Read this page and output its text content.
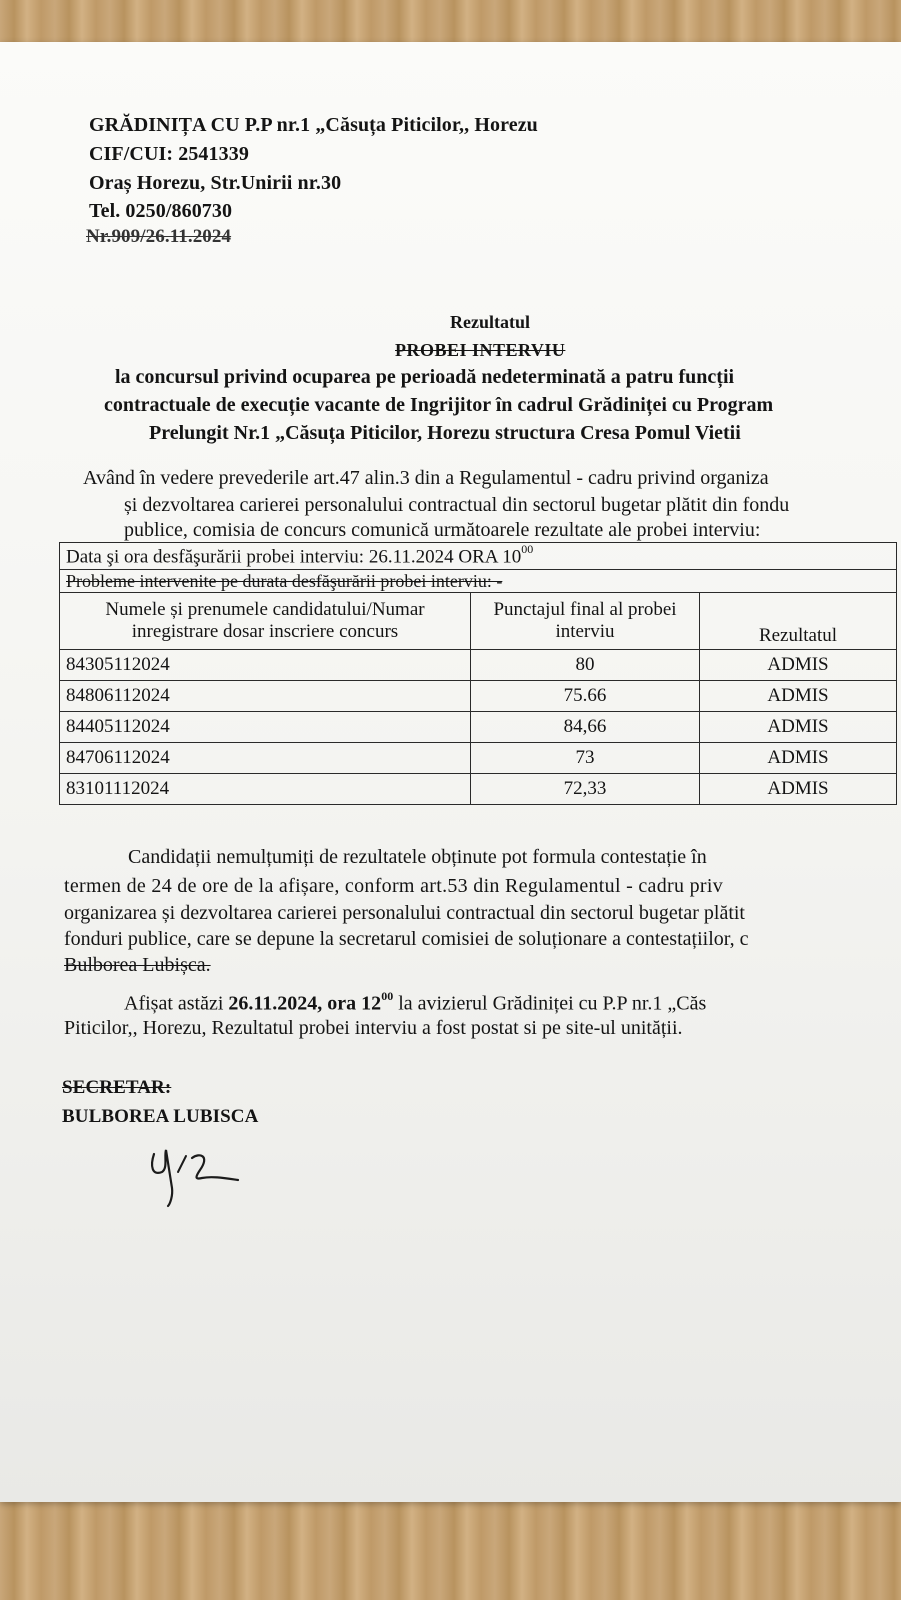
GRĂDINIȚA CU P.P nr.1 „Căsuța Piticilor,, Horezu
CIF/CUI: 2541339
Oraș Horezu, Str.Unirii nr.30
Tel. 0250/860730
Nr.909/26.11.2024
Rezultatul
PROBEI INTERVIU
la concursul privind ocuparea pe perioadă nedeterminată a patru funcții
contractuale de execuție vacante de Ingrijitor în cadrul Grădiniței cu Program
Prelungit Nr.1 „Căsuța Piticilor, Horezu structura Cresa Pomul Vietii
Având în vedere prevederile art.47 alin.3 din a Regulamentul - cadru privind organiza
și dezvoltarea carierei personalului contractual din sectorul bugetar plătit din fondu
publice, comisia de concurs comunică următoarele rezultate ale probei interviu:
Data şi ora desfăşurării probei interviu: 26.11.2024 ORA $10^{00}$
Probleme intervenite pe durata desfăşurării probei interviu: -		
Numele și prenumele candidatului/Numar inregistrare dosar inscriere concurs	Punctajul final al probei interviu	Rezultatul
84305112024	80	ADMIS
84806112024	75.66	ADMIS
84405112024	84,66	ADMIS
84706112024	73	ADMIS
83101112024	72,33	ADMIS
Candidații nemulțumiți de rezultatele obținute pot formula contestație în
termen de 24 de ore de la afișare, conform art.53 din Regulamentul - cadru priv
organizarea și dezvoltarea carierei personalului contractual din sectorul bugetar plătit
fonduri publice, care se depune la secretarul comisiei de soluționare a contestațiilor, c
Bulborea Lubișca.
Afișat astăzi 26.11.2024, ora $12^{00}$ la avizierul Grădiniței cu P.P nr.1 „Căs
Piticilor,, Horezu, Rezultatul probei interviu a fost postat si pe site-ul unității.
SECRETAR:
BULBOREA LUBISCA
